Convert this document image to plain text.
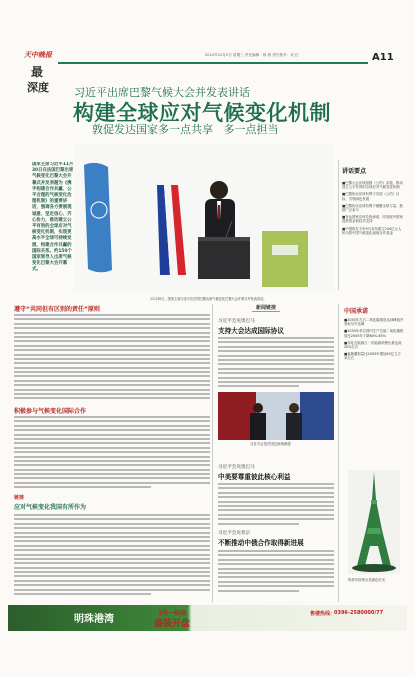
天中晚报
最
深度
2015年12月2日 星期三 责任编辑：杨 燕 责任校对：吴 红	A11
习近平出席巴黎气候大会并发表讲话
构建全球应对气候变化机制
敦促发达国家多一点共享   多一点担当
11月30日，国家主席习近平在法国巴黎出席气候变化巴黎大会开幕式并发表讲话。
国家主席习近平11月30日在法国巴黎出席气候变化巴黎大会开幕式并发表题为《携手构建合作共赢、公平合理的气候变化治理机制》的重要讲话，强调各方要展现诚意、坚定信心、齐心协力，推动建立公平有效的全球应对气候变化机制，实现更高水平全球可持续发展，构建合作共赢的国际关系。约150个国家领导人出席气候变化巴黎大会开幕式。
讲话要点
■巴黎大会应该加强《公约》实施，推动建立公平有效的全球应对气候变化机制
■巴黎协议应该有利于实现《公约》目标，引领绿色发展
■巴黎协议应该有利于凝聚全球力量，鼓励广泛参与
■发达国家应该兑现承诺，向发展中国家提供资金和技术支持
■中国将在今年9月宣布建立200亿元人民币的中国气候变化南南合作基金
遵守“共同但有区别的责任”原则
积极参与气候变化国际合作
链接
应对气候变化我国有所作为
新闻链接
习近平会见奥巴马
支持大会达成国际协议
习近平会见法国总统奥朗德
习近平会见奥巴马
中美要尊重彼此核心利益
习近平会见普京
不断推动中俄合作取得新进展
中国承诺
■2030年左右二氧化碳排放达到峰值并争取尽早达峰
■2030年单位国内生产总值二氧化碳排放比2005年下降60%-65%
■非化石能源占一次能源消费比重达到20%左右
■森林蓄积量比2005年增加45亿立方米左右
埃菲尔铁塔点亮绿色灯光
明珠港湾
3号一标段
盛装开盘
售楼热线：
0396-2580000/77
